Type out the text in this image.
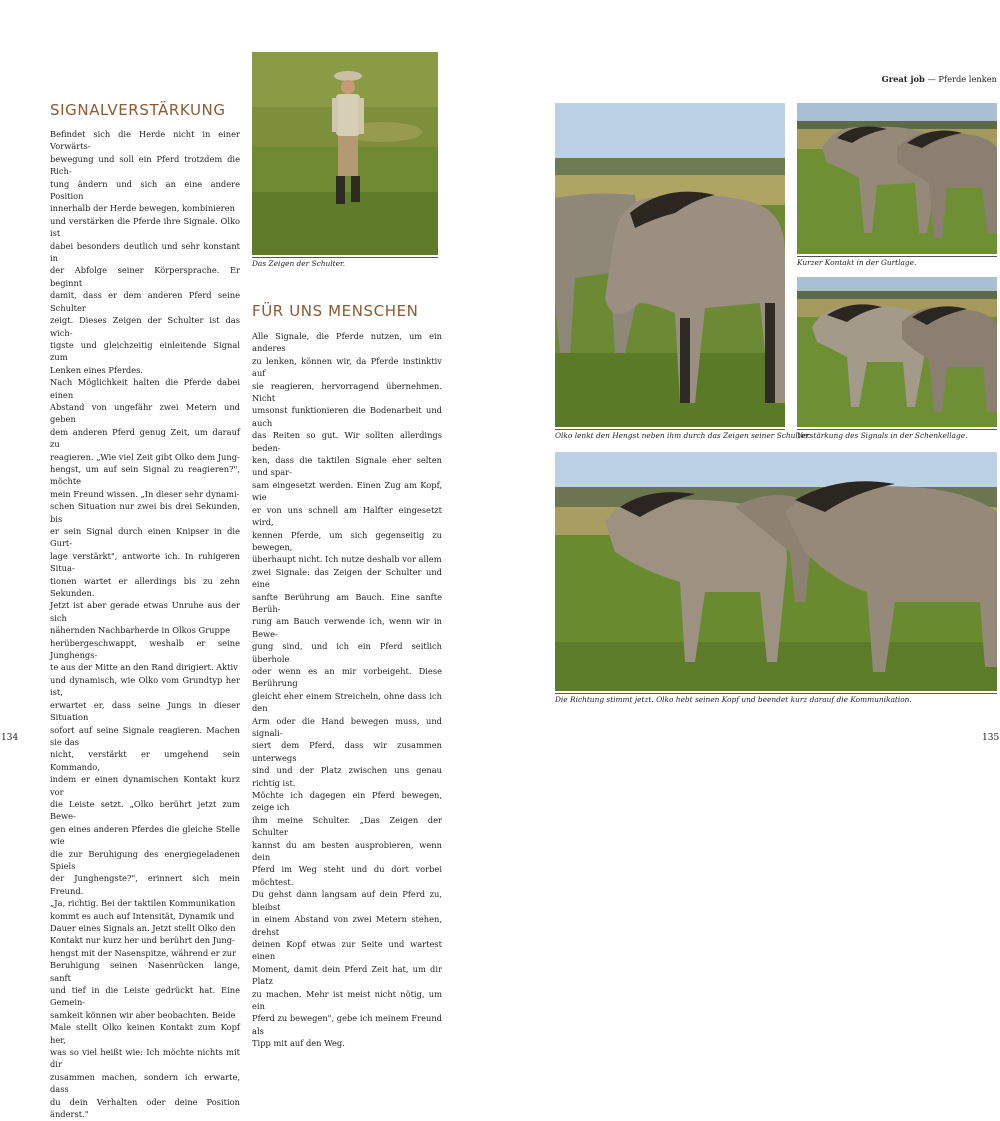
SIGNALVERSTÄRKUNG
Befindet sich die Herde nicht in einer Vorwärts-
bewegung und soll ein Pferd trotzdem die Rich-
tung ändern und sich an eine andere Position
innerhalb der Herde bewegen, kombinieren
und verstärken die Pferde ihre Signale. Olko ist
dabei besonders deutlich und sehr konstant in
der Abfolge seiner Körpersprache. Er beginnt
damit, dass er dem anderen Pferd seine Schulter
zeigt. Dieses Zeigen der Schulter ist das wich-
tigste und gleichzeitig einleitende Signal zum
Lenken eines Pferdes.
Nach Möglichkeit halten die Pferde dabei einen
Abstand von ungefähr zwei Metern und geben
dem anderen Pferd genug Zeit, um darauf zu
reagieren. „Wie viel Zeit gibt Olko dem Jung-
hengst, um auf sein Signal zu reagieren?", möchte
mein Freund wissen. „In dieser sehr dynami-
schen Situation nur zwei bis drei Sekunden, bis
er sein Signal durch einen Knipser in die Gurt-
lage verstärkt", antworte ich. In ruhigeren Situa-
tionen wartet er allerdings bis zu zehn Sekunden.
Jetzt ist aber gerade etwas Unruhe aus der sich
nähernden Nachbarherde in Olkos Gruppe
herübergeschwappt, weshalb er seine Junghengs-
te aus der Mitte an den Rand dirigiert. Aktiv
und dynamisch, wie Olko vom Grundtyp her ist,
erwartet er, dass seine Jungs in dieser Situation
sofort auf seine Signale reagieren. Machen sie das
nicht, verstärkt er umgehend sein Kommando,
indem er einen dynamischen Kontakt kurz vor
die Leiste setzt. „Olko berührt jetzt zum Bewe-
gen eines anderen Pferdes die gleiche Stelle wie
die zur Beruhigung des energiegeladenen Spiels
der Junghengste?", erinnert sich mein Freund.
„Ja, richtig. Bei der taktilen Kommunikation
kommt es auch auf Intensität, Dynamik und
Dauer eines Signals an. Jetzt stellt Olko den
Kontakt nur kurz her und berührt den Jung-
hengst mit der Nasenspitze, während er zur
Beruhigung seinen Nasenrücken lange, sanft
und tief in die Leiste gedrückt hat. Eine Gemein-
samkeit können wir aber beobachten. Beide
Male stellt Olko keinen Kontakt zum Kopf her,
was so viel heißt wie: Ich möchte nichts mit dir
zusammen machen, sondern ich erwarte, dass
du dein Verhalten oder deine Position änderst."
Das Zeigen der Schulter.
FÜR UNS MENSCHEN
Alle Signale, die Pferde nutzen, um ein anderes
zu lenken, können wir, da Pferde instinktiv auf
sie reagieren, hervorragend übernehmen. Nicht
umsonst funktionieren die Bodenarbeit und auch
das Reiten so gut. Wir sollten allerdings beden-
ken, dass die taktilen Signale eher selten und spar-
sam eingesetzt werden. Einen Zug am Kopf, wie
er von uns schnell am Halfter eingesetzt wird,
kennen Pferde, um sich gegenseitig zu bewegen,
überhaupt nicht. Ich nutze deshalb vor allem
zwei Signale: das Zeigen der Schulter und eine
sanfte Berührung am Bauch. Eine sanfte Berüh-
rung am Bauch verwende ich, wenn wir in Bewe-
gung sind, und ich ein Pferd seitlich überhole
oder wenn es an mir vorbeigeht. Diese Berührung
gleicht eher einem Streicheln, ohne dass ich den
Arm oder die Hand bewegen muss, und signali-
siert dem Pferd, dass wir zusammen unterwegs
sind und der Platz zwischen uns genau richtig ist.
Möchte ich dagegen ein Pferd bewegen, zeige ich
ihm meine Schulter. „Das Zeigen der Schulter
kannst du am besten ausprobieren, wenn dein
Pferd im Weg steht und du dort vorbei möchtest.
Du gehst dann langsam auf dein Pferd zu, bleibst
in einem Abstand von zwei Metern stehen, drehst
deinen Kopf etwas zur Seite und wartest einen
Moment, damit dein Pferd Zeit hat, um dir Platz
zu machen. Mehr ist meist nicht nötig, um ein
Pferd zu bewegen", gebe ich meinem Freund als
Tipp mit auf den Weg.
134
Great job — Pferde lenken
Kurzer Kontakt in der Gurtlage.
Olko lenkt den Hengst neben ihm durch das Zeigen seiner Schulter.
Verstärkung des Signals in der Schenkellage.
Die Richtung stimmt jetzt. Olko hebt seinen Kopf und beendet kurz darauf die Kommunikation.
135
